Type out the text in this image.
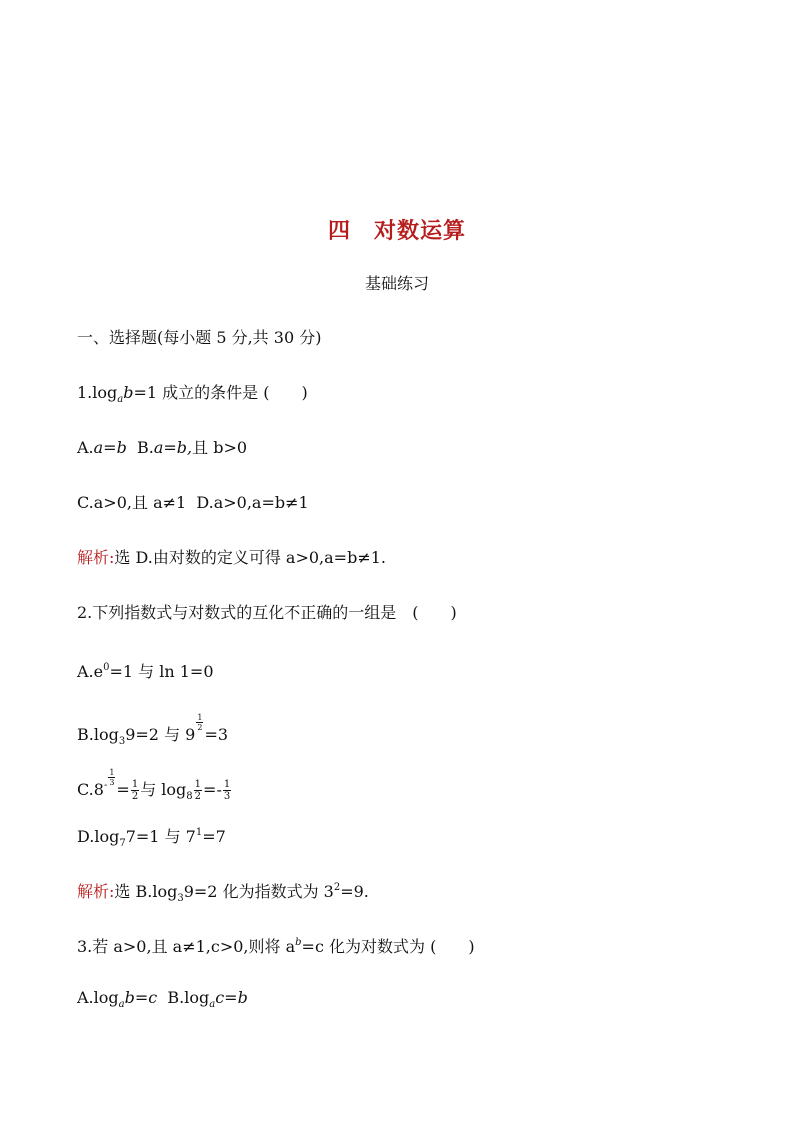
四　对数运算
基础练习
一、选择题(每小题 5 分,共 30 分)
$1.\log_ab=1$ 成立的条件是 (　　)
A.a=b B.a=b,且 b>0
C.a>0,且 a≠1 D.a>0,a=b≠1
解析:选 D.由对数的定义可得 a>0,a=b≠1.
2.下列指数式与对数式的互化不正确的一组是　(　　)
$A.e^0=1$ 与 ln 1=0
$B.\log_39=2$ 与 9
$\frac{1}{2}$
=3
$C.8^- \frac{1}{3}$
= $\frac{1}{2}$ 与 $\log_8 \frac{1}{2} =- \frac{1}{3}$
$D.\log_77=1$ 与 $7^1=7$
解析:选 $B.\log_39=2$ 化为指数式为 $3^2=9$.
3.若 a>0,且 a≠1,c>0,则将 $a^b=c$ 化为对数式为 (　　)
$A.\log_ab=c$ $B.\log_ac=b$
